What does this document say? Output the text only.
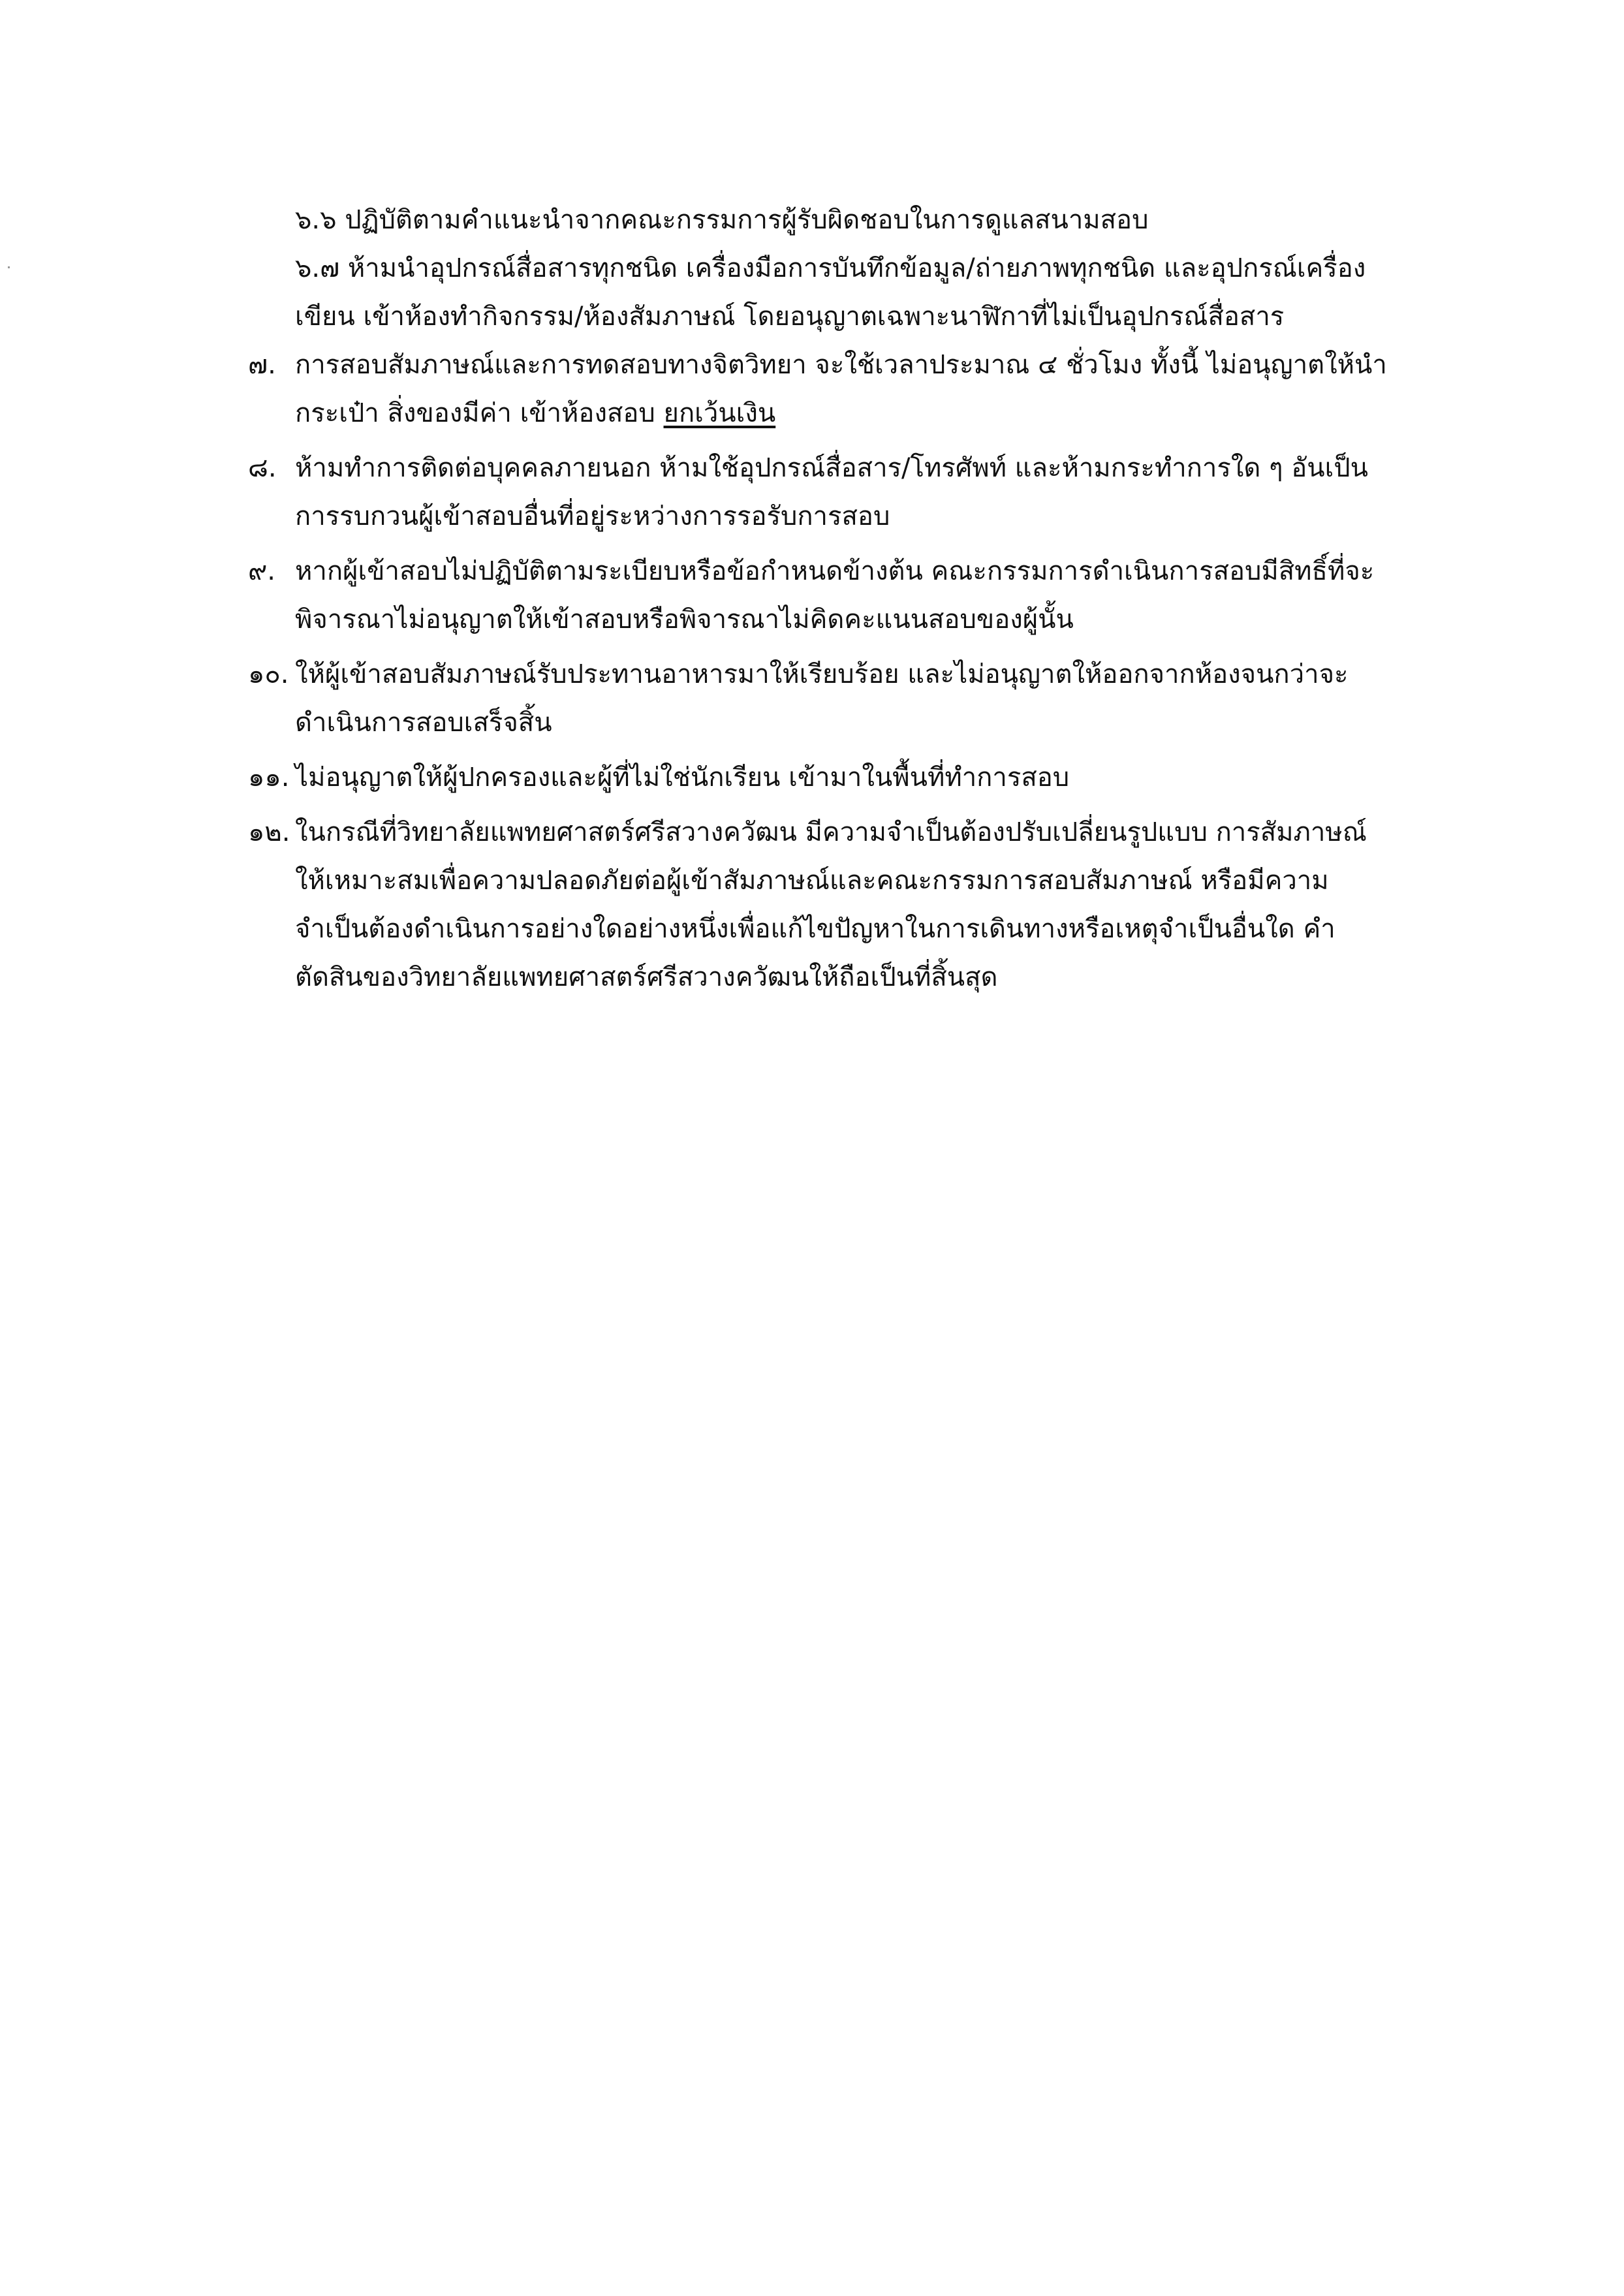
๖.๖ ปฏิบัติตามคำแนะนำจากคณะกรรมการผู้รับผิดชอบในการดูแลสนามสอบ
๖.๗ ห้ามนำอุปกรณ์สื่อสารทุกชนิด เครื่องมือการบันทึกข้อมูล/ถ่ายภาพทุกชนิด และอุปกรณ์เครื่อง
เขียน เข้าห้องทำกิจกรรม/ห้องสัมภาษณ์ โดยอนุญาตเฉพาะนาฬิกาที่ไม่เป็นอุปกรณ์สื่อสาร
๗. การสอบสัมภาษณ์และการทดสอบทางจิตวิทยา จะใช้เวลาประมาณ ๔ ชั่วโมง ทั้งนี้ ไม่อนุญาตให้นำ
กระเป๋า สิ่งของมีค่า เข้าห้องสอบ ยกเว้นเงิน
๘. ห้ามทำการติดต่อบุคคลภายนอก ห้ามใช้อุปกรณ์สื่อสาร/โทรศัพท์ และห้ามกระทำการใด ๆ อันเป็น
การรบกวนผู้เข้าสอบอื่นที่อยู่ระหว่างการรอรับการสอบ
๙. หากผู้เข้าสอบไม่ปฏิบัติตามระเบียบหรือข้อกำหนดข้างต้น คณะกรรมการดำเนินการสอบมีสิทธิ์ที่จะ
พิจารณาไม่อนุญาตให้เข้าสอบหรือพิจารณาไม่คิดคะแนนสอบของผู้นั้น
๑๐. ให้ผู้เข้าสอบสัมภาษณ์รับประทานอาหารมาให้เรียบร้อย และไม่อนุญาตให้ออกจากห้องจนกว่าจะ
ดำเนินการสอบเสร็จสิ้น
๑๑. ไม่อนุญาตให้ผู้ปกครองและผู้ที่ไม่ใช่นักเรียน เข้ามาในพื้นที่ทำการสอบ
๑๒. ในกรณีที่วิทยาลัยแพทยศาสตร์ศรีสวางควัฒน มีความจำเป็นต้องปรับเปลี่ยนรูปแบบ การสัมภาษณ์
ให้เหมาะสมเพื่อความปลอดภัยต่อผู้เข้าสัมภาษณ์และคณะกรรมการสอบสัมภาษณ์ หรือมีความ
จำเป็นต้องดำเนินการอย่างใดอย่างหนึ่งเพื่อแก้ไขปัญหาในการเดินทางหรือเหตุจำเป็นอื่นใด คำ
ตัดสินของวิทยาลัยแพทยศาสตร์ศรีสวางควัฒนให้ถือเป็นที่สิ้นสุด
